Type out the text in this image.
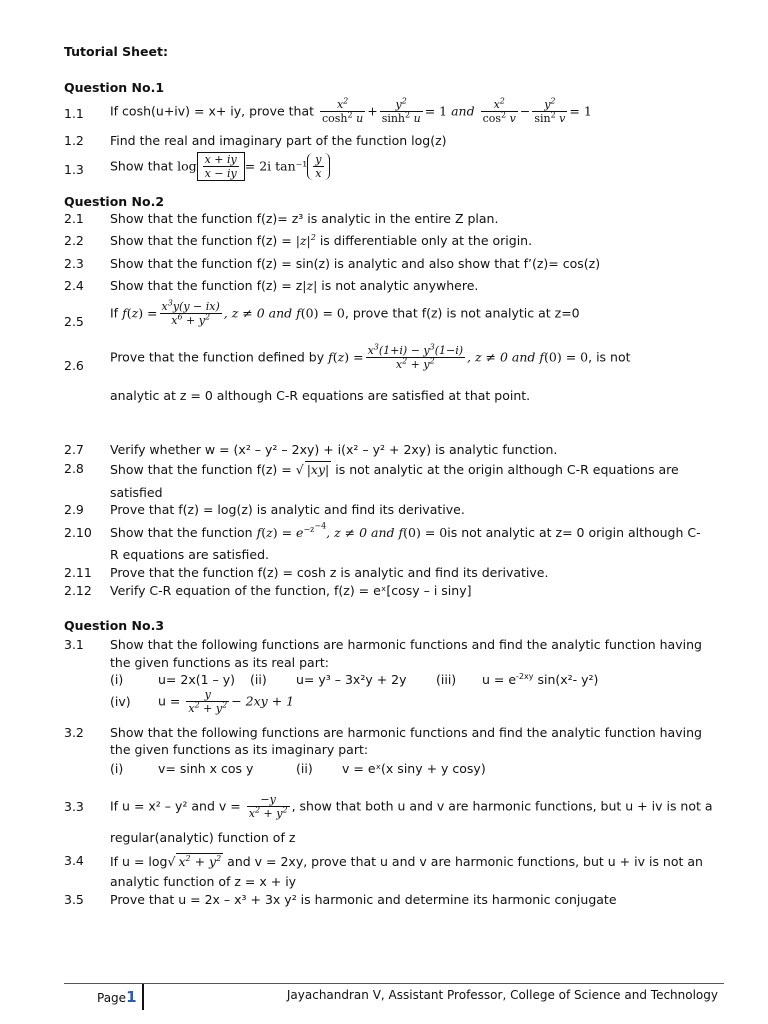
Tutorial Sheet:
Question No.1
1.1	If cosh(u+iv) = x+ iy, prove that $\frac{x^2}{\cosh^2 u} + \frac{y^2}{\sinh^2 u} = 1$ and $\frac{x^2}{\cos^2 v} - \frac{y^2}{\sin^2 v} = 1$
1.2	Find the real and imaginary part of the function log(z)
1.3	Show that $\log \frac{x + iy}{x - iy} = 2i$ $\tan^{-1} \frac{y}{x}$
Question No.2
2.1	Show that the function f(z)= z³ is analytic in the entire Z plan.
2.2	Show that the function $f(z) = |z|^2$ is differentiable only at the origin.
2.3	Show that the function f(z) = sin(z) is analytic and also show that f’(z)= cos(z)
2.4	Show that the function f(z) = z|z| is not analytic anywhere.
2.5
If $f(z) = \frac{x^3y(y - ix)}{x^6 + y^2}$ , z ≠ 0 and f(0) = 0, prove that f(z) is not analytic at z=0
2.6
Prove that the function defined by $f(z) = \frac{x^3(1+i) - y^3(1-i)}{x^2 + y^2}$ , z ≠ 0 and f(0) = 0, is not
analytic at z = 0 although C-R equations are satisfied at that point.
2.7	Verify whether w = (x² – y² – 2xy) + i(x² – y² + 2xy) is analytic function.
2.8	Show that the function f(z) = √ |xy| is not analytic at the origin although C-R equations are
satisfied
2.9	Prove that f(z) = log(z) is analytic and find its derivative.
2.10	Show that the function $f(z) = e^{-z^{-4}}$, z ≠ 0 and f(0) = 0is not analytic at z= 0 origin although C-
R equations are satisfied.
2.11	Prove that the function f(z) = cosh z is analytic and find its derivative.
2.12	Verify C-R equation of the function, f(z) = eˣ[cosy – i siny]
Question No.3
3.1	Show that the following functions are harmonic functions and find the analytic function having
the given functions as its real part:
(i)	u= 2x(1 – y) (ii) u= y³ – 3x²y + 2y (iii) $u = e^{-2xy}$ sin(x²- y²)
(iv) $u = \frac{y}{x^2 + y^2} - 2xy + 1$
3.2	Show that the following functions are harmonic functions and find the analytic function having
the given functions as its imaginary part:
(i)	v= sinh x cos y	(ii) v = eˣ(x siny + y cosy)
3.3	If u = x² – y² and $v = \frac{-y}{x^2 + y^2}$ , show that both u and v are harmonic functions, but u + iv is not a
regular(analytic) function of z
3.4	If u = log√ $x^2 + y^2$ and v = 2xy, prove that u and v are harmonic functions, but u + iv is not an
analytic function of z = x + iy
3.5	Prove that u = 2x – x³ + 3x y² is harmonic and determine its harmonic conjugate
Page1	Jayachandran V, Assistant Professor, College of Science and Technology
